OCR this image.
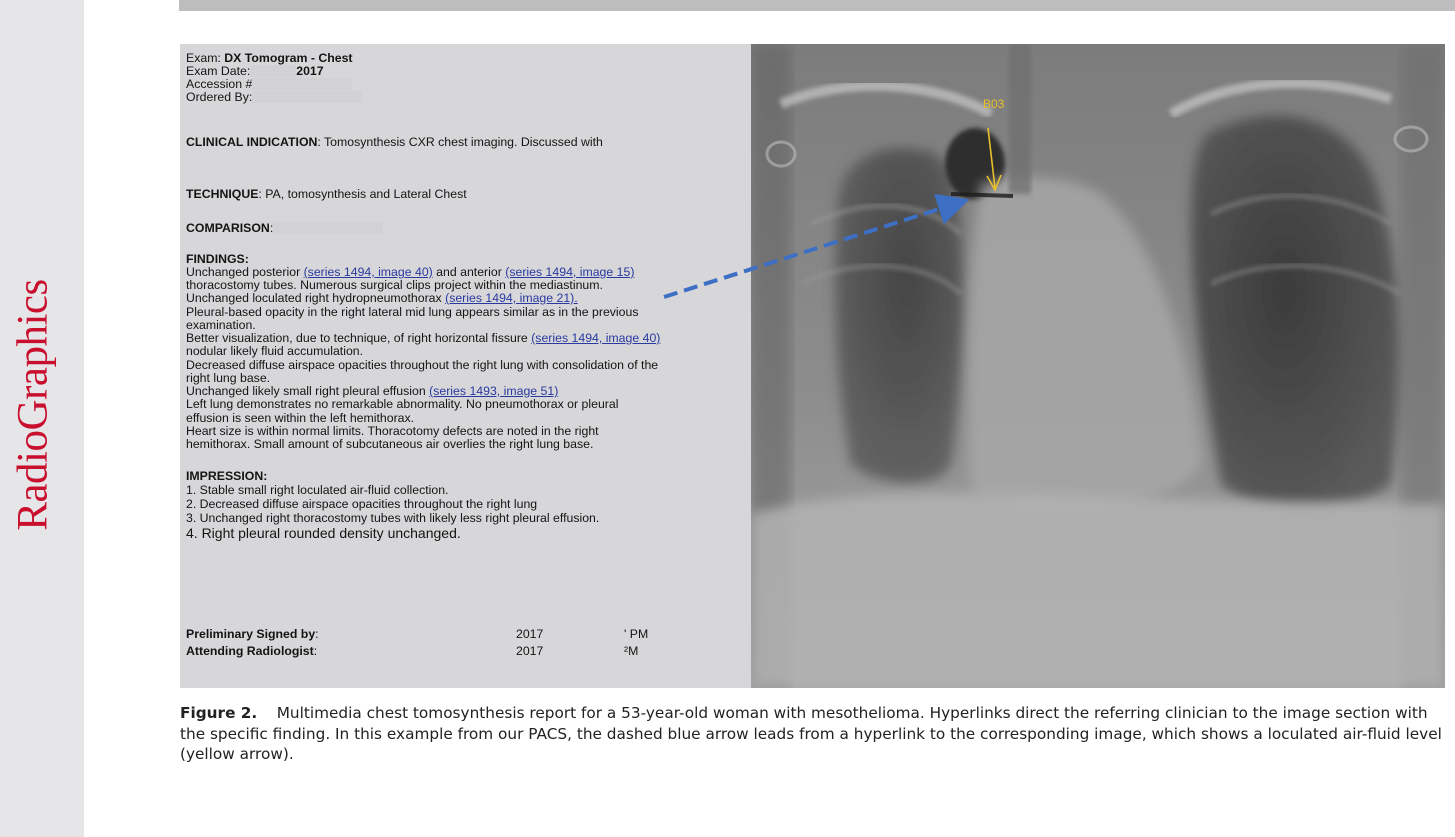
RadioGraphics
Exam: DX Tomogram - Chest
Exam Date:	2017
Accession #
Ordered By:
CLINICAL INDICATION: Tomosynthesis CXR chest imaging. Discussed with
TECHNIQUE: PA, tomosynthesis and Lateral Chest
COMPARISON:
FINDINGS:
Unchanged posterior (series 1494, image 40) and anterior (series 1494, image 15)
thoracostomy tubes. Numerous surgical clips project within the mediastinum.
Unchanged loculated right hydropneumothorax (series 1494, image 21).
Pleural-based opacity in the right lateral mid lung appears similar as in the previous
examination.
Better visualization, due to technique, of right horizontal fissure (series 1494, image 40)
nodular likely fluid accumulation.
Decreased diffuse airspace opacities throughout the right lung with consolidation of the
right lung base.
Unchanged likely small right pleural effusion (series 1493, image 51)
Left lung demonstrates no remarkable abnormality. No pneumothorax or pleural
effusion is seen within the left hemithorax.
Heart size is within normal limits. Thoracotomy defects are noted in the right
hemithorax. Small amount of subcutaneous air overlies the right lung base.
IMPRESSION:
1. Stable small right loculated air-fluid collection.
2. Decreased diffuse airspace opacities throughout the right lung
3. Unchanged right thoracostomy tubes with likely less right pleural effusion.
4. Right pleural rounded density unchanged.
Preliminary Signed by:	2017	' PM
Attending Radiologist:	2017	²M
B03
Figure 2. Multimedia chest tomosynthesis report for a 53-year-old woman with mesothelioma. Hyperlinks direct the referring clinician to the image section with the specific finding. In this example from our PACS, the dashed blue arrow leads from a hyperlink to the corresponding image, which shows a loculated air-fluid level (yellow arrow).
